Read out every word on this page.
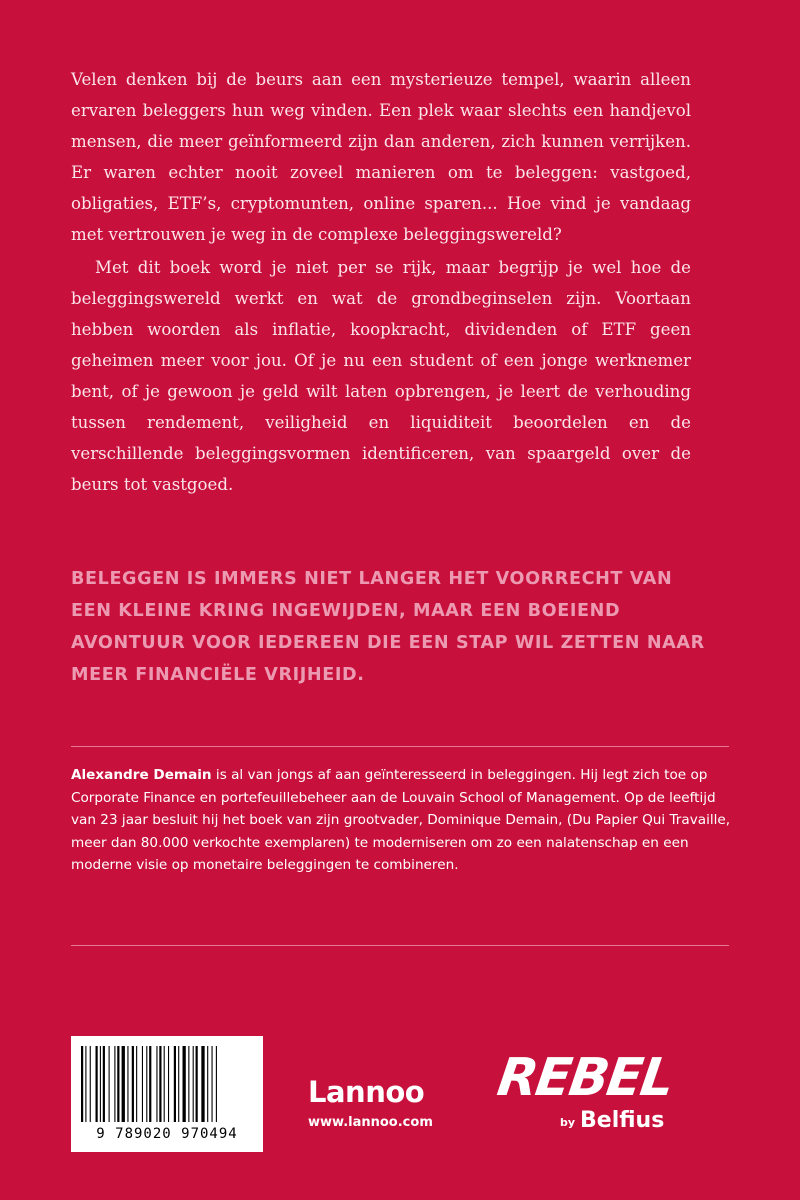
Velen denken bij de beurs aan een mysterieuze tempel, waarin alleen ervaren beleggers hun weg vinden. Een plek waar slechts een handjevol mensen, die meer geïnformeerd zijn dan anderen, zich kunnen verrijken. Er waren echter nooit zoveel manieren om te beleggen: vastgoed, obligaties, ETF’s, cryptomunten, online sparen... Hoe vind je vandaag met vertrouwen je weg in de complexe beleggingswereld?

Met dit boek word je niet per se rijk, maar begrijp je wel hoe de beleggingswereld werkt en wat de grondbeginselen zijn. Voortaan hebben woorden als inflatie, koopkracht, dividenden of ETF geen geheimen meer voor jou. Of je nu een student of een jonge werknemer bent, of je gewoon je geld wilt laten opbrengen, je leert de verhouding tussen rendement, veiligheid en liquiditeit beoordelen en de verschillende beleggingsvormen identificeren, van spaargeld over de beurs tot vastgoed.

BELEGGEN IS IMMERS NIET LANGER HET VOORRECHT VAN EEN KLEINE KRING INGEWIJDEN, MAAR EEN BOEIEND AVONTUUR VOOR IEDEREEN DIE EEN STAP WIL ZETTEN NAAR MEER FINANCIËLE VRIJHEID.

Alexandre Demain is al van jongs af aan geïnteresseerd in beleggingen. Hij legt zich toe op Corporate Finance en portefeuillebeheer aan de Louvain School of Management. Op de leeftijd van 23 jaar besluit hij het boek van zijn grootvader, Dominique Demain, (Du Papier Qui Travaille, meer dan 80.000 verkochte exemplaren) te moderniseren om zo een nalatenschap en een moderne visie op monetaire beleggingen te combineren.

9 789020 970494
Lannoo
www.lannoo.com
REBEL
by Belfius
